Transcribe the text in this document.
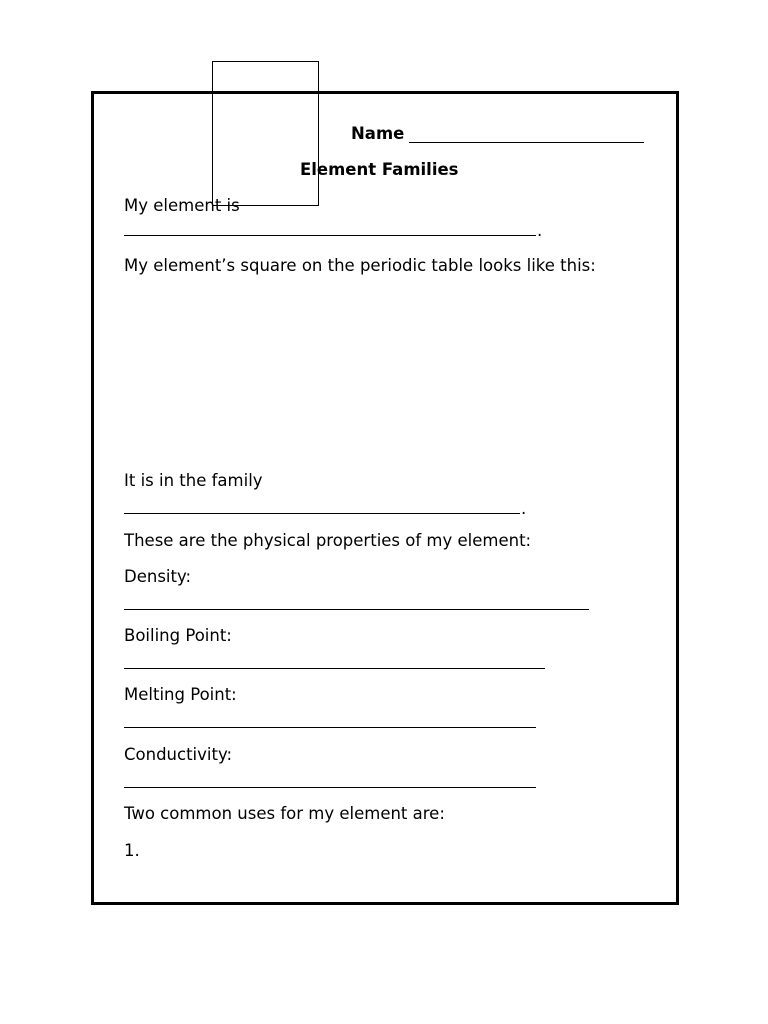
Name
Element Families
My element is
.
My element’s square on the periodic table looks like this:
It is in the family
.
These are the physical properties of my element:
Density:
Boiling Point:
Melting Point:
Conductivity:
Two common uses for my element are:
1.
